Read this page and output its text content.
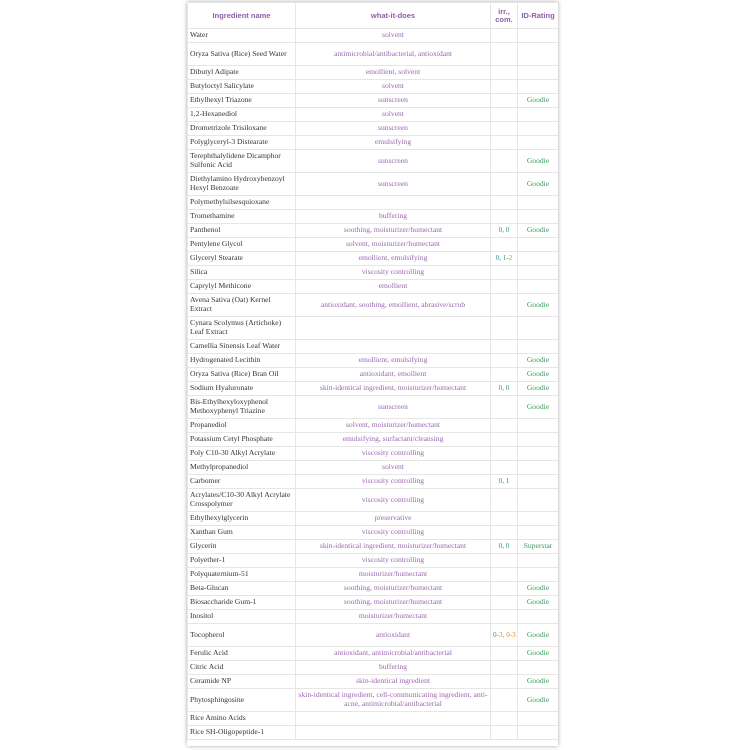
Ingredient name	what-it-does	irr., com.	ID-Rating
Water	solvent		
Oryza Sativa (Rice) Seed Water	antimicrobial/antibacterial, antioxidant		
Dibutyl Adipate	emollient, solvent		
Butyloctyl Salicylate	solvent		
Ethylhexyl Triazone	sunscreen		Goodie
1,2-Hexanediol	solvent		
Drometrizole Trisiloxane	sunscreen		
Polyglyceryl-3 Distearate	emulsifying		
Terephthalylidene Dicamphor Sulfonic Acid	sunscreen		Goodie
Diethylamino Hydroxybenzoyl Hexyl Benzoate	sunscreen		Goodie
Polymethylsilsesquioxane			
Tromethamine	buffering		
Panthenol	soothing, moisturizer/humectant	0, 0	Goodie
Pentylene Glycol	solvent, moisturizer/humectant		
Glyceryl Stearate	emollient, emulsifying	0, 1-2	
Silica	viscosity controlling		
Caprylyl Methicone	emollient		
Avena Sativa (Oat) Kernel Extract	antioxidant, soothing, emollient, abrasive/scrub		Goodie
Cynara Scolymus (Artichoke) Leaf Extract			
Camellia Sinensis Leaf Water			
Hydrogenated Lecithin	emollient, emulsifying		Goodie
Oryza Sativa (Rice) Bran Oil	antioxidant, emollient		Goodie
Sodium Hyaluronate	skin-identical ingredient, moisturizer/humectant	0, 0	Goodie
Bis-Ethylhexyloxyphenol Methoxyphenyl Triazine	sunscreen		Goodie
Propanediol	solvent, moisturizer/humectant		
Potassium Cetyl Phosphate	emulsifying, surfactant/cleansing		
Poly C10-30 Alkyl Acrylate	viscosity controlling		
Methylpropanediol	solvent		
Carbomer	viscosity controlling	0, 1	
Acrylates/C10-30 Alkyl Acrylate Crosspolymer	viscosity controlling		
Ethylhexylglycerin	preservative		
Xanthan Gum	viscosity controlling		
Glycerin	skin-identical ingredient, moisturizer/humectant	0, 0	Superstar
Polyether-1	viscosity controlling		
Polyquaternium-51	moisturizer/humectant		
Beta-Glucan	soothing, moisturizer/humectant		Goodie
Biosaccharide Gum-1	soothing, moisturizer/humectant		Goodie
Inositol	moisturizer/humectant		
Tocopherol	antioxidant	0-3, 0-3	Goodie
Ferulic Acid	antioxidant, antimicrobial/antibacterial		Goodie
Citric Acid	buffering		
Ceramide NP	skin-identical ingredient		Goodie
Phytosphingosine	skin-identical ingredient, cell-communicating ingredient, anti-acne, antimicrobial/antibacterial		Goodie
Rice Amino Acids			
Rice SH-Oligopeptide-1			
